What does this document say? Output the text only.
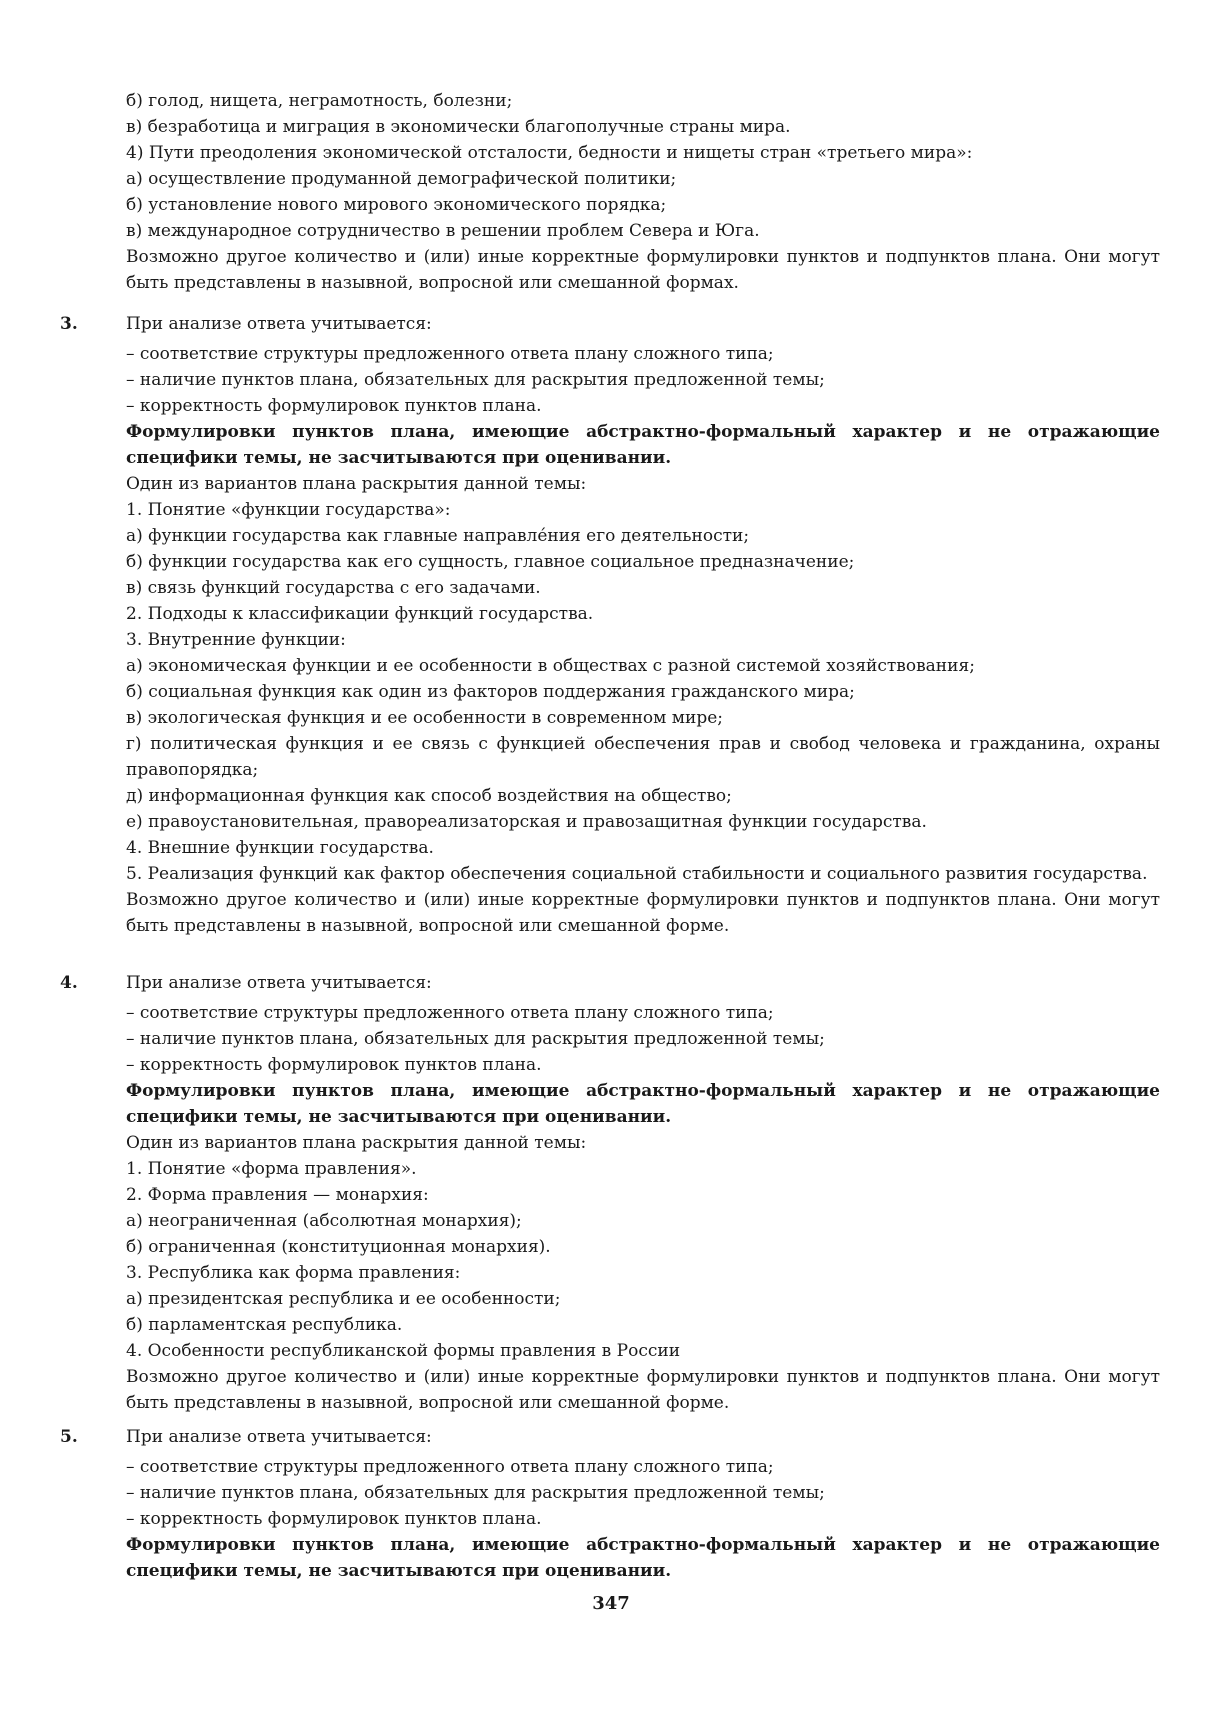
б) голод, нищета, неграмотность, болезни;
в) безработица и миграция в экономически благополучные страны мира.
4) Пути преодоления экономической отсталости, бедности и нищеты стран «третьего мира»:
а) осуществление продуманной демографической политики;
б) установление нового мирового экономического порядка;
в) международное сотрудничество в решении проблем Севера и Юга.
Возможно другое количество и (или) иные корректные формулировки пунктов и подпунктов плана. Они могут быть представлены в назывной, вопросной или смешанной формах.
3.	При анализе ответа учитывается:
– соответствие структуры предложенного ответа плану сложного типа;
– наличие пунктов плана, обязательных для раскрытия предложенной темы;
– корректность формулировок пунктов плана.
Формулировки пунктов плана, имеющие абстрактно-формальный характер и не отражающие специфики темы, не засчитываются при оценивании.
Один из вариантов плана раскрытия данной темы:
1. Понятие «функции государства»:
а) функции государства как главные направле́ния его деятельности;
б) функции государства как его сущность, главное социальное предназначение;
в) связь функций государства с его задачами.
2. Подходы к классификации функций государства.
3. Внутренние функции:
а) экономическая функции и ее особенности в обществах с разной системой хозяйствования;
б) социальная функция как один из факторов поддержания гражданского мира;
в) экологическая функция и ее особенности в современном мире;
г) политическая функция и ее связь с функцией обеспечения прав и свобод человека и гражданина, охраны правопорядка;
д) информационная функция как способ воздействия на общество;
е) правоустановительная, правореализаторская и правозащитная функции государства.
4. Внешние функции государства.
5. Реализация функций как фактор обеспечения социальной стабильности и социального развития государства.
Возможно другое количество и (или) иные корректные формулировки пунктов и подпунктов плана. Они могут быть представлены в назывной, вопросной или смешанной форме.
4.	При анализе ответа учитывается:
– соответствие структуры предложенного ответа плану сложного типа;
– наличие пунктов плана, обязательных для раскрытия предложенной темы;
– корректность формулировок пунктов плана.
Формулировки пунктов плана, имеющие абстрактно-формальный характер и не отражающие специфики темы, не засчитываются при оценивании.
Один из вариантов плана раскрытия данной темы:
1. Понятие «форма правления».
2. Форма правления — монархия:
а) неограниченная (абсолютная монархия);
б) ограниченная (конституционная монархия).
3. Республика как форма правления:
а) президентская республика и ее особенности;
б) парламентская республика.
4. Особенности республиканской формы правления в России
Возможно другое количество и (или) иные корректные формулировки пунктов и подпунктов плана. Они могут быть представлены в назывной, вопросной или смешанной форме.
5.	При анализе ответа учитывается:
– соответствие структуры предложенного ответа плану сложного типа;
– наличие пунктов плана, обязательных для раскрытия предложенной темы;
– корректность формулировок пунктов плана.
Формулировки пунктов плана, имеющие абстрактно-формальный характер и не отражающие специфики темы, не засчитываются при оценивании.
347
